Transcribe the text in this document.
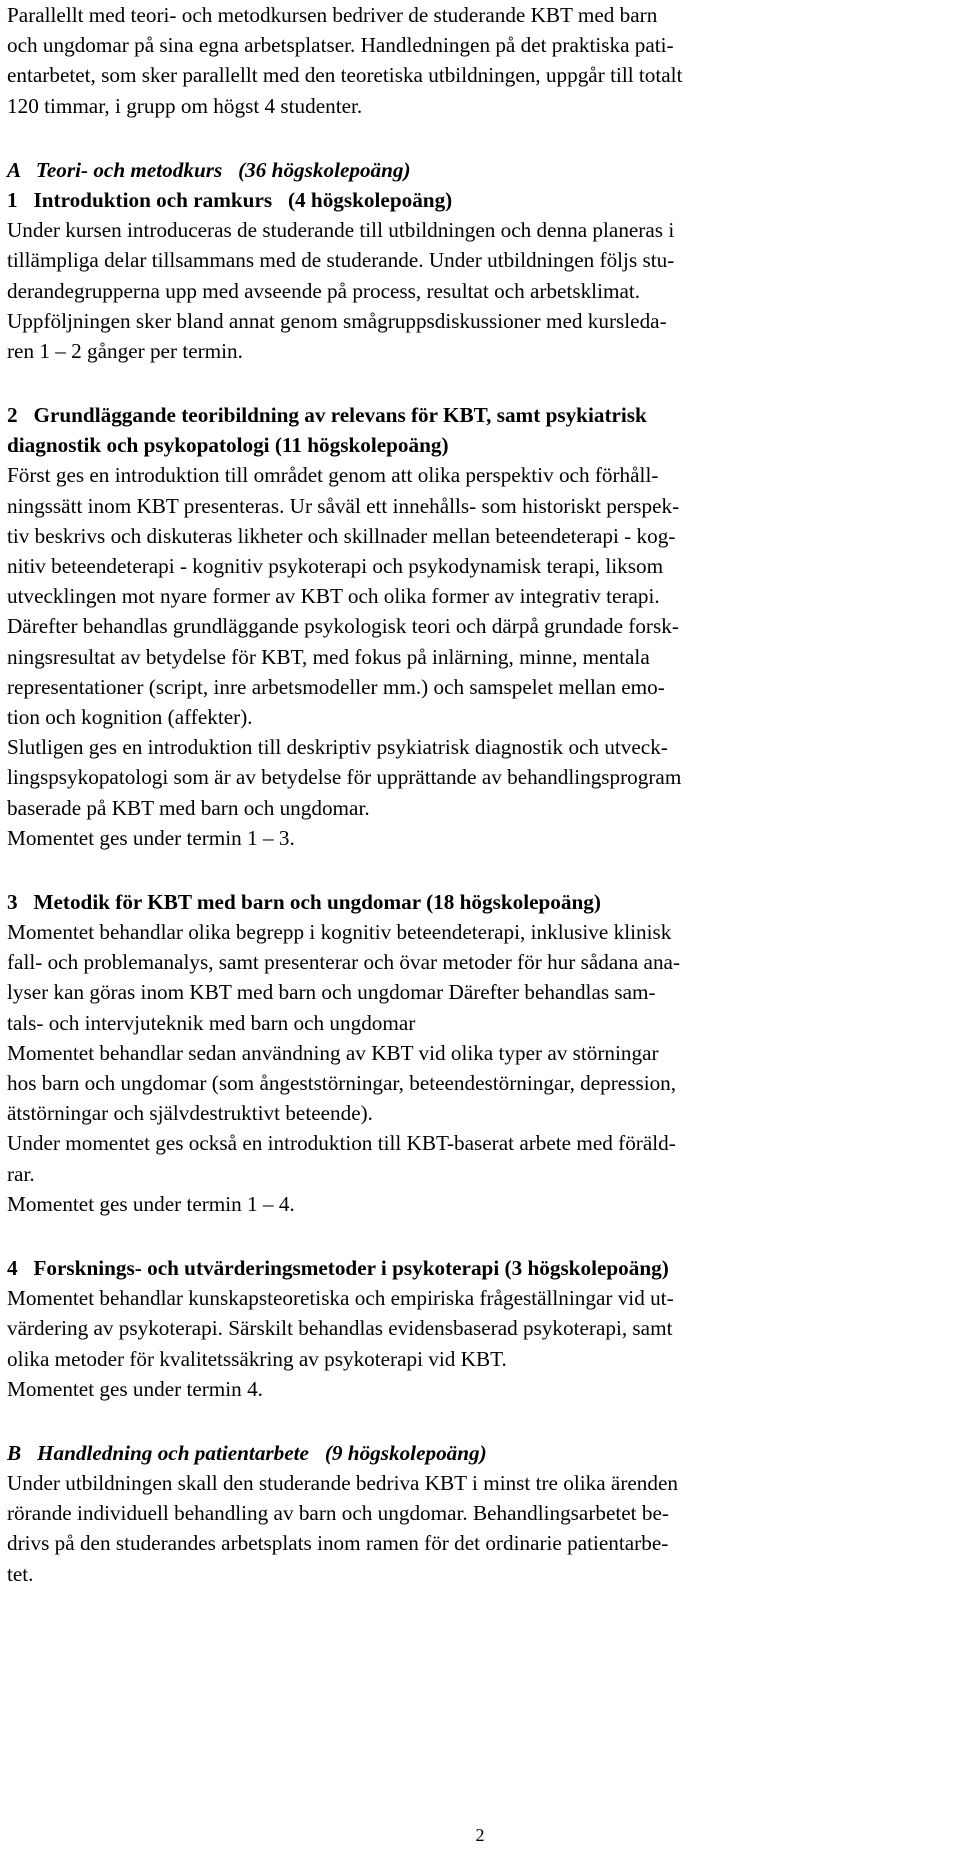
Parallellt med teori- och metodkursen bedriver de studerande KBT med barn
och ungdomar på sina egna arbetsplatser. Handledningen på det praktiska pati-
entarbetet, som sker parallellt med den teoretiska utbildningen, uppgår till totalt
120 timmar, i grupp om högst 4 studenter.
A   Teori- och metodkurs   (36 högskolepoäng)
1   Introduktion och ramkurs   (4 högskolepoäng)
Under kursen introduceras de studerande till utbildningen och denna planeras i
tillämpliga delar tillsammans med de studerande. Under utbildningen följs stu-
derandegrupperna upp med avseende på process, resultat och arbetsklimat.
Uppföljningen sker bland annat genom smågruppsdiskussioner med kursleda-
ren 1 – 2 gånger per termin.
2   Grundläggande teoribildning av relevans för KBT, samt psykiatrisk
diagnostik och psykopatologi (11 högskolepoäng)
Först ges en introduktion till området genom att olika perspektiv och förhåll-
ningssätt inom KBT presenteras. Ur såväl ett innehålls- som historiskt perspek-
tiv beskrivs och diskuteras likheter och skillnader mellan beteendeterapi - kog-
nitiv beteendeterapi - kognitiv psykoterapi och psykodynamisk terapi, liksom
utvecklingen mot nyare former av KBT och olika former av integrativ terapi.
Därefter behandlas grundläggande psykologisk teori och därpå grundade forsk-
ningsresultat av betydelse för KBT, med fokus på inlärning, minne, mentala
representationer (script, inre arbetsmodeller mm.) och samspelet mellan emo-
tion och kognition (affekter).
Slutligen ges en introduktion till deskriptiv psykiatrisk diagnostik och utveck-
lingspsykopatologi som är av betydelse för upprättande av behandlingsprogram
baserade på KBT med barn och ungdomar.
Momentet ges under termin 1 – 3.
3   Metodik för KBT med barn och ungdomar (18 högskolepoäng)
Momentet behandlar olika begrepp i kognitiv beteendeterapi, inklusive klinisk
fall- och problemanalys, samt presenterar och övar metoder för hur sådana ana-
lyser kan göras inom KBT med barn och ungdomar Därefter behandlas sam-
tals- och intervjuteknik med barn och ungdomar
Momentet behandlar sedan användning av KBT vid olika typer av störningar
hos barn och ungdomar (som ångeststörningar, beteendestörningar, depression,
ätstörningar och självdestruktivt beteende).
Under momentet ges också en introduktion till KBT-baserat arbete med föräld-
rar.
Momentet ges under termin 1 – 4.
4   Forsknings- och utvärderingsmetoder i psykoterapi (3 högskolepoäng)
Momentet behandlar kunskapsteoretiska och empiriska frågeställningar vid ut-
värdering av psykoterapi. Särskilt behandlas evidensbaserad psykoterapi, samt
olika metoder för kvalitetssäkring av psykoterapi vid KBT.
Momentet ges under termin 4.
B   Handledning och patientarbete   (9 högskolepoäng)
Under utbildningen skall den studerande bedriva KBT i minst tre olika ärenden
rörande individuell behandling av barn och ungdomar. Behandlingsarbetet be-
drivs på den studerandes arbetsplats inom ramen för det ordinarie patientarbe-
tet.
2
